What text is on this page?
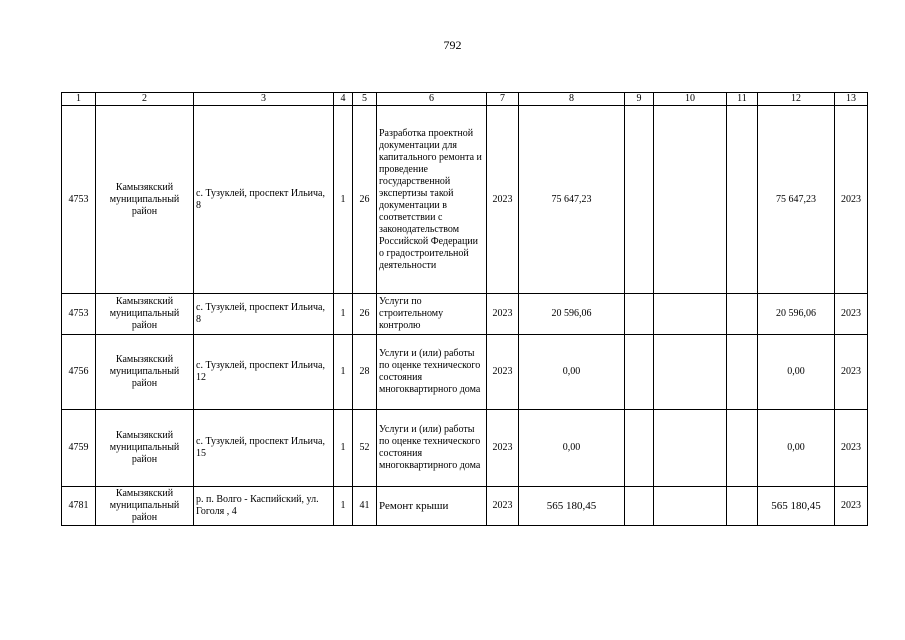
792
1	2	3	4	5	6	7	8	9	10	11	12	13
4753	Камызякский муниципальный район	с. Тузуклей, проспект Ильича, 8	1	26	Разработка проектной документации для капитального ремонта и проведение государственной экспертизы такой документации в соответствии с законодательством Российской Федерации о градостроительной деятельности	2023	75 647,23				75 647,23	2023
4753	Камызякский муниципальный район	с. Тузуклей, проспект Ильича, 8	1	26	Услуги по строительному контролю	2023	20 596,06				20 596,06	2023
4756	Камызякский муниципальный район	с. Тузуклей, проспект Ильича, 12	1	28	Услуги и (или) работы по оценке технического состояния многоквартирного дома	2023	0,00				0,00	2023
4759	Камызякский муниципальный район	с. Тузуклей, проспект Ильича, 15	1	52	Услуги и (или) работы по оценке технического состояния многоквартирного дома	2023	0,00				0,00	2023
4781	Камызякский муниципальный район	р. п. Волго - Каспийский, ул. Гоголя , 4	1	41	Ремонт крыши	2023	565 180,45				565 180,45	2023
